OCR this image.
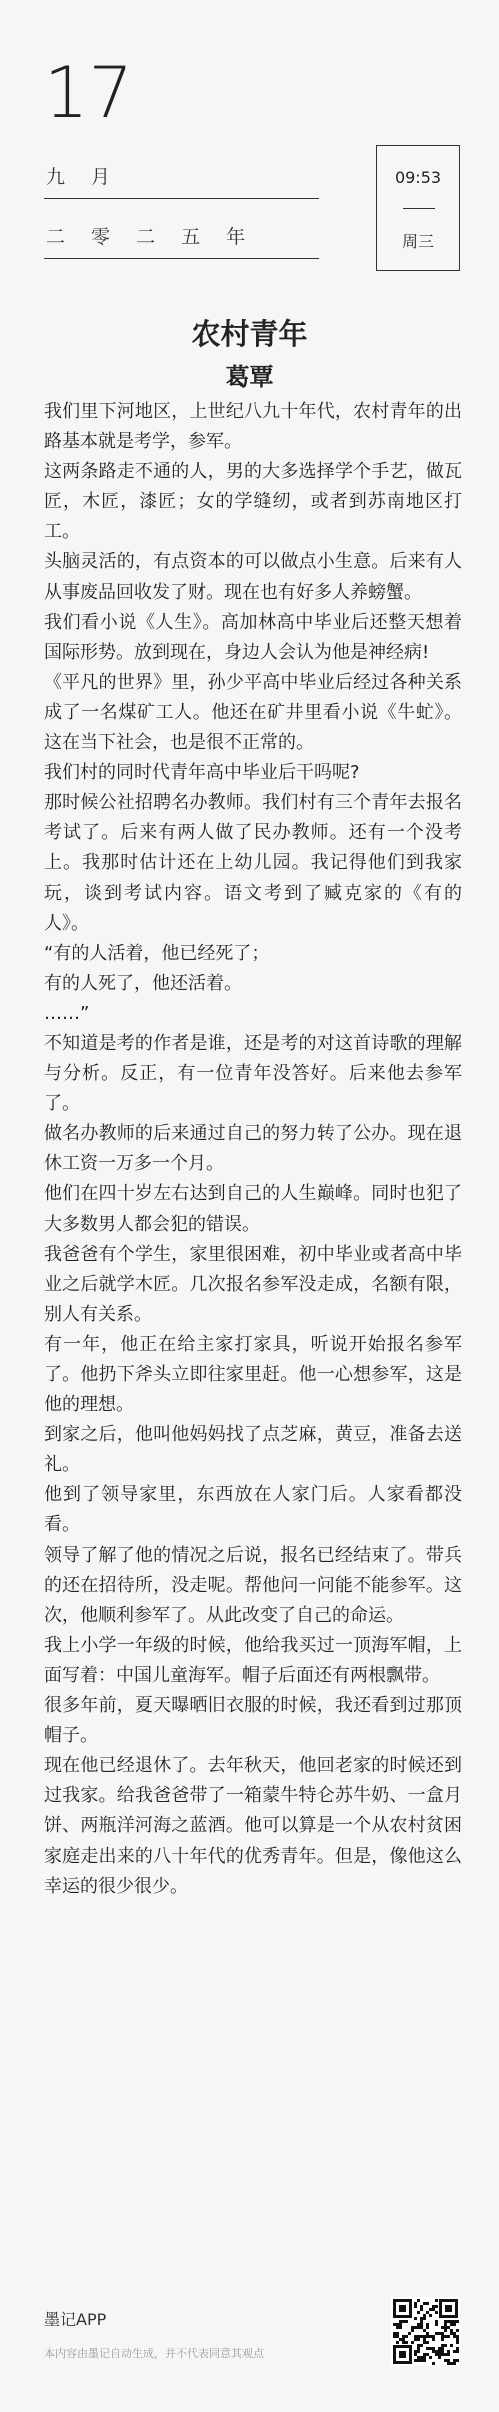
17
九 月
二 零 二 五 年
09:53
周三
农村青年
葛覃

我们里下河地区，上世纪八九十年代，农村青年的出路基本就是考学，参军。

这两条路走不通的人，男的大多选择学个手艺，做瓦匠，木匠，漆匠；女的学缝纫，或者到苏南地区打工。

头脑灵活的，有点资本的可以做点小生意。后来有人从事废品回收发了财。现在也有好多人养螃蟹。

我们看小说《人生》。高加林高中毕业后还整天想着国际形势。放到现在，身边人会认为他是神经病!

《平凡的世界》里，孙少平高中毕业后经过各种关系成了一名煤矿工人。他还在矿井里看小说《牛虻》。这在当下社会，也是很不正常的。

我们村的同时代青年高中毕业后干吗呢?

那时候公社招聘名办教师。我们村有三个青年去报名考试了。后来有两人做了民办教师。还有一个没考上。我那时估计还在上幼儿园。我记得他们到我家玩，谈到考试内容。语文考到了臧克家的《有的人》。

“有的人活着，他已经死了；

有的人死了，他还活着。

……”

不知道是考的作者是谁，还是考的对这首诗歌的理解与分析。反正，有一位青年没答好。后来他去参军了。

做名办教师的后来通过自己的努力转了公办。现在退休工资一万多一个月。

他们在四十岁左右达到自己的人生巅峰。同时也犯了大多数男人都会犯的错误。

我爸爸有个学生，家里很困难，初中毕业或者高中毕业之后就学木匠。几次报名参军没走成，名额有限，别人有关系。

有一年，他正在给主家打家具，听说开始报名参军了。他扔下斧头立即往家里赶。他一心想参军，这是他的理想。

到家之后，他叫他妈妈找了点芝麻，黄豆，准备去送礼。

他到了领导家里，东西放在人家门后。人家看都没看。

领导了解了他的情况之后说，报名已经结束了。带兵的还在招待所，没走呢。帮他问一问能不能参军。这次，他顺利参军了。从此改变了自己的命运。

我上小学一年级的时候，他给我买过一顶海军帽，上面写着：中国儿童海军。帽子后面还有两根飘带。

很多年前，夏天曝晒旧衣服的时候，我还看到过那顶帽子。

现在他已经退休了。去年秋天，他回老家的时候还到过我家。给我爸爸带了一箱蒙牛特仑苏牛奶、一盒月饼、两瓶洋河海之蓝酒。他可以算是一个从农村贫困家庭走出来的八十年代的优秀青年。但是，像他这么幸运的很少很少。

墨记APP
本内容由墨记自动生成，并不代表同意其观点
